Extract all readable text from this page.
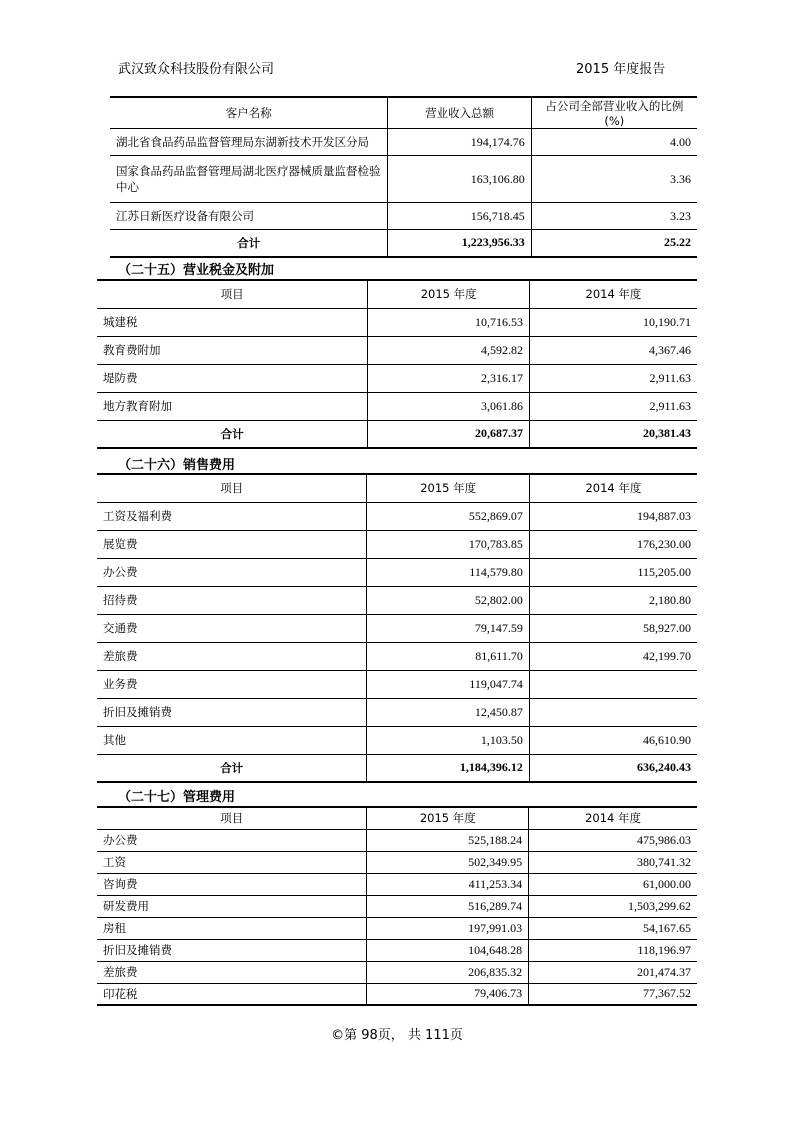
武汉致众科技股份有限公司	2015 年度报告
客户名称	营业收入总额	占公司全部营业收入的比例(%)
湖北省食品药品监督管理局东湖新技术开发区分局	194,174.76	4.00
国家食品药品监督管理局湖北医疗器械质量监督检验中心	163,106.80	3.36
江苏日新医疗设备有限公司	156,718.45	3.23
合计	1,223,956.33	25.22
（二十五）营业税金及附加
项目	2015 年度	2014 年度
城建税	10,716.53	10,190.71
教育费附加	4,592.82	4,367.46
堤防费	2,316.17	2,911.63
地方教育附加	3,061.86	2,911.63
合计	20,687.37	20,381.43
（二十六）销售费用
项目	2015 年度	2014 年度
工资及福利费	552,869.07	194,887.03
展览费	170,783.85	176,230.00
办公费	114,579.80	115,205.00
招待费	52,802.00	2,180.80
交通费	79,147.59	58,927.00
差旅费	81,611.70	42,199.70
业务费	119,047.74	
折旧及摊销费	12,450.87	
其他	1,103.50	46,610.90
合计	1,184,396.12	636,240.43
（二十七）管理费用
项目	2015 年度	2014 年度
办公费	525,188.24	475,986.03
工资	502,349.95	380,741.32
咨询费	411,253.34	61,000.00
研发费用	516,289.74	1,503,299.62
房租	197,991.03	54,167.65
折旧及摊销费	104,648.28	118,196.97
差旅费	206,835.32	201,474.37
印花税	79,406.73	77,367.52
©第 98页， 共 111页
